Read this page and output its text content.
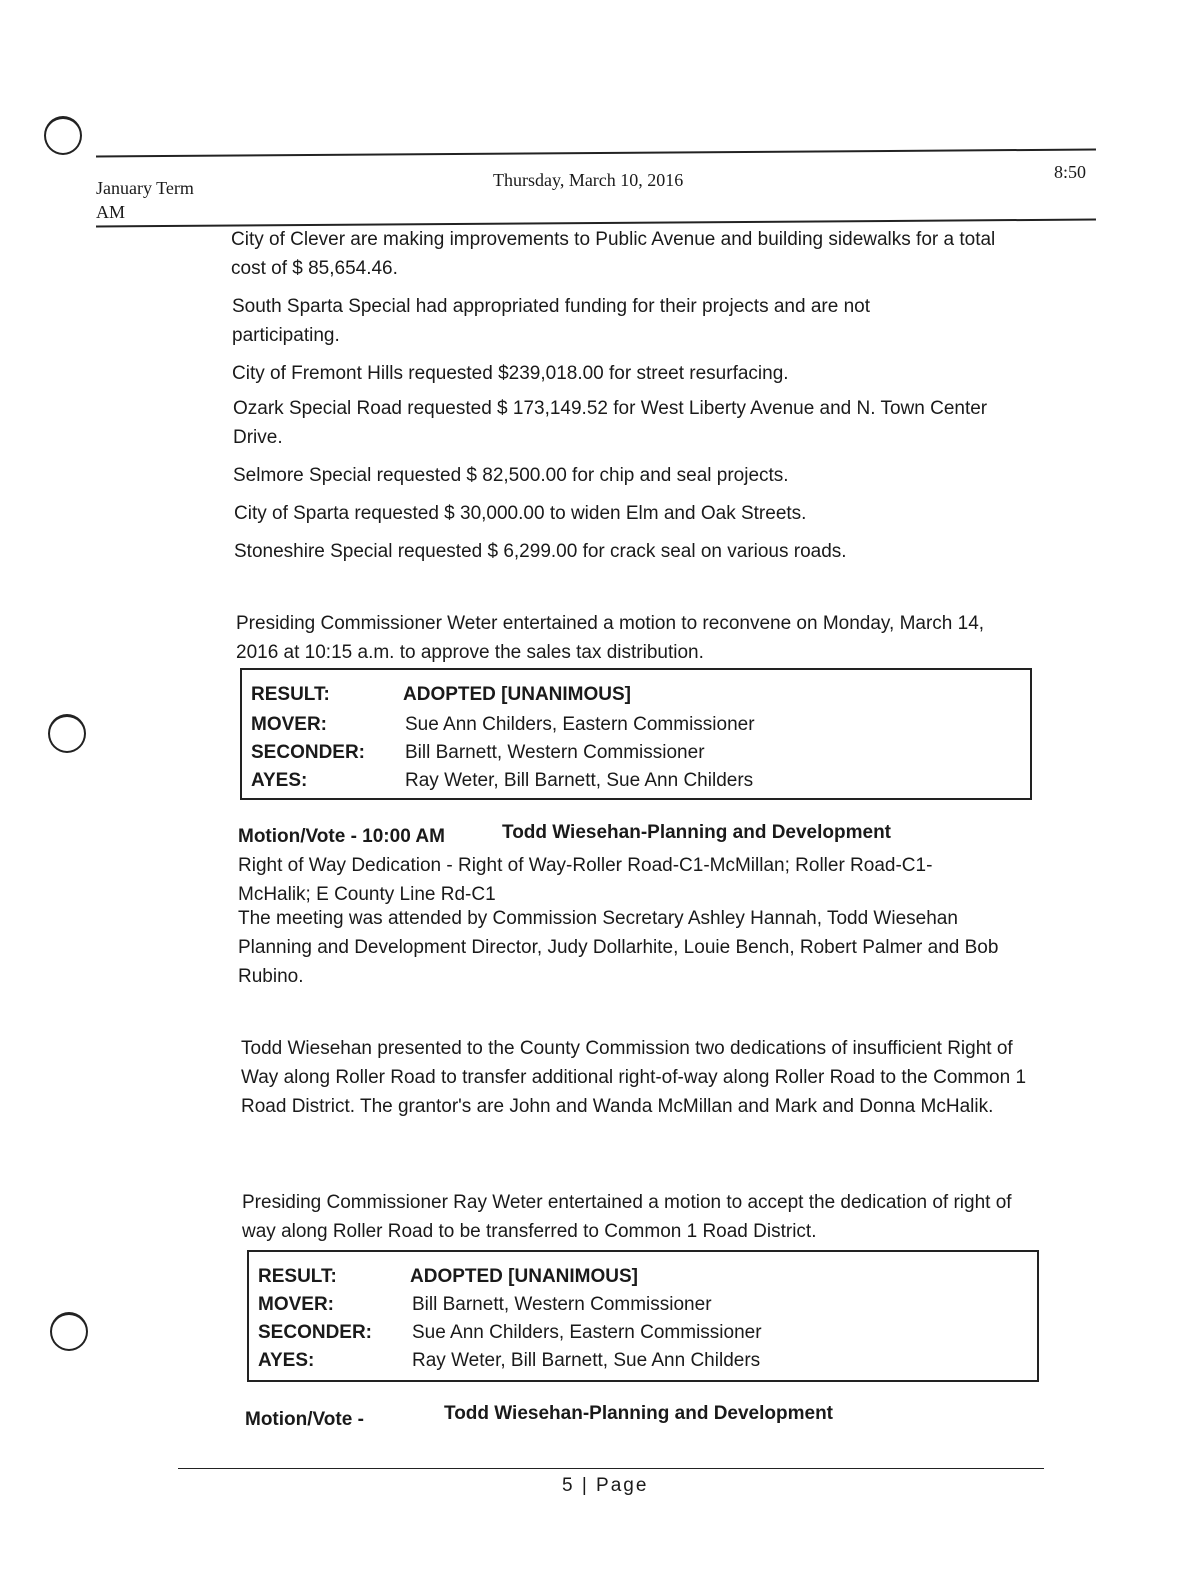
January Term
AM
Thursday, March 10, 2016	8:50
City of Clever are making improvements to Public Avenue and building sidewalks for a total cost of $ 85,654.46.
South Sparta Special had appropriated funding for their projects and are not participating.
City of Fremont Hills requested $239,018.00 for street resurfacing.
Ozark Special Road requested $ 173,149.52 for West Liberty Avenue and N. Town Center Drive.
Selmore Special requested $ 82,500.00 for chip and seal projects.
City of Sparta requested $ 30,000.00 to widen Elm and Oak Streets.
Stoneshire Special requested $ 6,299.00 for crack seal on various roads.
Presiding Commissioner Weter entertained a motion to reconvene on Monday, March 14, 2016 at 10:15 a.m. to approve the sales tax distribution.
RESULT:	ADOPTED [UNANIMOUS]
MOVER:	Sue Ann Childers, Eastern Commissioner
SECONDER: Bill Barnett, Western Commissioner
AYES:	Ray Weter, Bill Barnett, Sue Ann Childers
Motion/Vote - 10:00 AM	Todd Wiesehan-Planning and Development
Right of Way Dedication - Right of Way-Roller Road-C1-McMillan; Roller Road-C1-McHalik; E County Line Rd-C1
The meeting was attended by Commission Secretary Ashley Hannah, Todd Wiesehan Planning and Development Director, Judy Dollarhite, Louie Bench, Robert Palmer and Bob Rubino.
Todd Wiesehan presented to the County Commission two dedications of insufficient Right of Way along Roller Road to transfer additional right-of-way along Roller Road to the Common 1 Road District. The grantor's are John and Wanda McMillan and Mark and Donna McHalik.
Presiding Commissioner Ray Weter entertained a motion to accept the dedication of right of way along Roller Road to be transferred to Common 1 Road District.
RESULT:	ADOPTED [UNANIMOUS]
MOVER:	Bill Barnett, Western Commissioner
SECONDER: Sue Ann Childers, Eastern Commissioner
AYES:	Ray Weter, Bill Barnett, Sue Ann Childers
Motion/Vote -	Todd Wiesehan-Planning and Development
5 | Page
